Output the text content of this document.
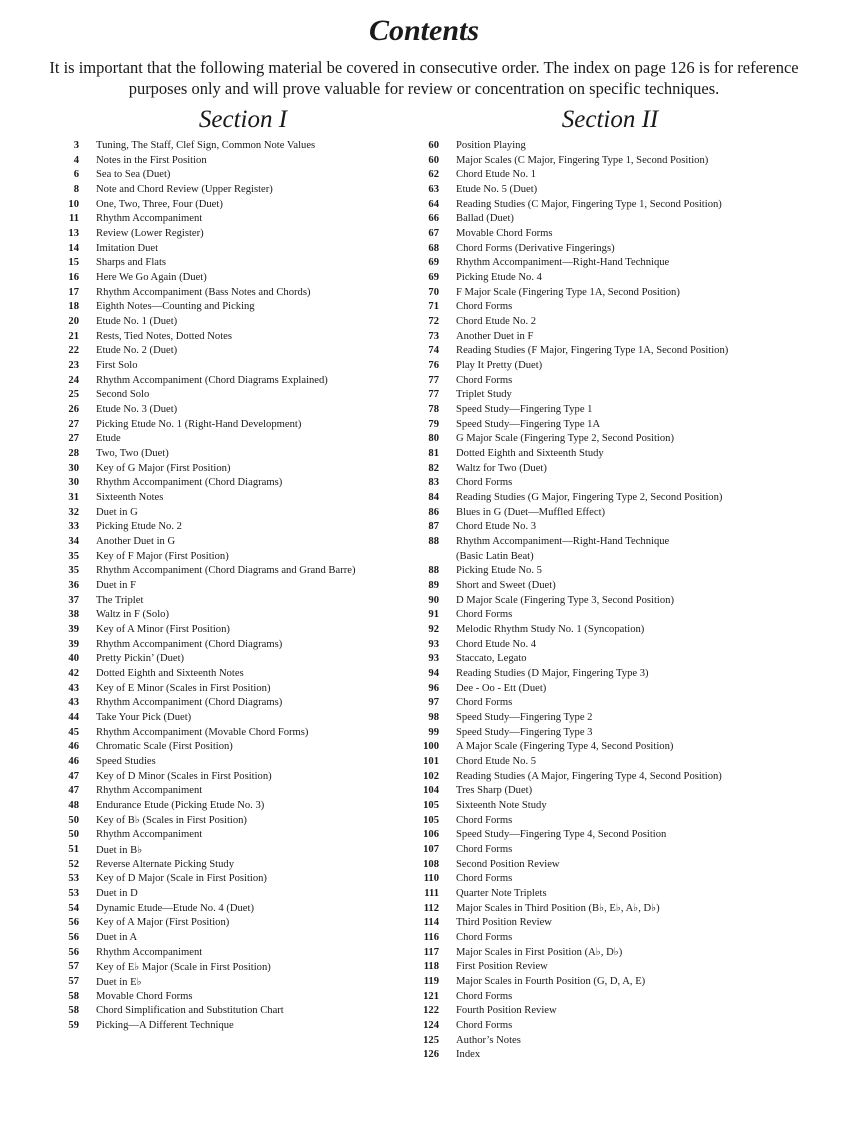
Contents
It is important that the following material be covered in consecutive order. The index on page 126 is for reference purposes only and will prove valuable for review or concentration on specific techniques.
Section I	Section II
3 Tuning, The Staff, Clef Sign, Common Note Values
4 Notes in the First Position
6 Sea to Sea (Duet)
8 Note and Chord Review (Upper Register)
10 One, Two, Three, Four (Duet)
11 Rhythm Accompaniment
13 Review (Lower Register)
14 Imitation Duet
15 Sharps and Flats
16 Here We Go Again (Duet)
17 Rhythm Accompaniment (Bass Notes and Chords)
18 Eighth Notes—Counting and Picking
20 Etude No. 1 (Duet)
21 Rests, Tied Notes, Dotted Notes
22 Etude No. 2 (Duet)
23 First Solo
24 Rhythm Accompaniment (Chord Diagrams Explained)
25 Second Solo
26 Etude No. 3 (Duet)
27 Picking Etude No. 1 (Right-Hand Development)
27 Etude
28 Two, Two (Duet)
30 Key of G Major (First Position)
30 Rhythm Accompaniment (Chord Diagrams)
31 Sixteenth Notes
32 Duet in G
33 Picking Etude No. 2
34 Another Duet in G
35 Key of F Major (First Position)
35 Rhythm Accompaniment (Chord Diagrams and Grand Barre)
36 Duet in F
37 The Triplet
38 Waltz in F (Solo)
39 Key of A Minor (First Position)
39 Rhythm Accompaniment (Chord Diagrams)
40 Pretty Pickin’ (Duet)
42 Dotted Eighth and Sixteenth Notes
43 Key of E Minor (Scales in First Position)
43 Rhythm Accompaniment (Chord Diagrams)
44 Take Your Pick (Duet)
45 Rhythm Accompaniment (Movable Chord Forms)
46 Chromatic Scale (First Position)
46 Speed Studies
47 Key of D Minor (Scales in First Position)
47 Rhythm Accompaniment
48 Endurance Etude (Picking Etude No. 3)
50 Key of B♭ (Scales in First Position)
50 Rhythm Accompaniment
51 Duet in B♭
52 Reverse Alternate Picking Study
53 Key of D Major (Scale in First Position)
53 Duet in D
54 Dynamic Etude—Etude No. 4 (Duet)
56 Key of A Major (First Position)
56 Duet in A
56 Rhythm Accompaniment
57 Key of E♭ Major (Scale in First Position)
57 Duet in E♭
58 Movable Chord Forms
58 Chord Simplification and Substitution Chart
59 Picking—A Different Technique
60 Position Playing
60 Major Scales (C Major, Fingering Type 1, Second Position)
62 Chord Etude No. 1
63 Etude No. 5 (Duet)
64 Reading Studies (C Major, Fingering Type 1, Second Position)
66 Ballad (Duet)
67 Movable Chord Forms
68 Chord Forms (Derivative Fingerings)
69 Rhythm Accompaniment—Right-Hand Technique
69 Picking Etude No. 4
70 F Major Scale (Fingering Type 1A, Second Position)
71 Chord Forms
72 Chord Etude No. 2
73 Another Duet in F
74 Reading Studies (F Major, Fingering Type 1A, Second Position)
76 Play It Pretty (Duet)
77 Chord Forms
77 Triplet Study
78 Speed Study—Fingering Type 1
79 Speed Study—Fingering Type 1A
80 G Major Scale (Fingering Type 2, Second Position)
81 Dotted Eighth and Sixteenth Study
82 Waltz for Two (Duet)
83 Chord Forms
84 Reading Studies (G Major, Fingering Type 2, Second Position)
86 Blues in G (Duet—Muffled Effect)
87 Chord Etude No. 3
88 Rhythm Accompaniment—Right-Hand Technique
(Basic Latin Beat)
88 Picking Etude No. 5
89 Short and Sweet (Duet)
90 D Major Scale (Fingering Type 3, Second Position)
91 Chord Forms
92 Melodic Rhythm Study No. 1 (Syncopation)
93 Chord Etude No. 4
93 Staccato, Legato
94 Reading Studies (D Major, Fingering Type 3)
96 Dee - Oo - Ett (Duet)
97 Chord Forms
98 Speed Study—Fingering Type 2
99 Speed Study—Fingering Type 3
100 A Major Scale (Fingering Type 4, Second Position)
101 Chord Etude No. 5
102 Reading Studies (A Major, Fingering Type 4, Second Position)
104 Tres Sharp (Duet)
105 Sixteenth Note Study
105 Chord Forms
106 Speed Study—Fingering Type 4, Second Position
107 Chord Forms
108 Second Position Review
110 Chord Forms
111 Quarter Note Triplets
112 Major Scales in Third Position (B♭, E♭, A♭, D♭)
114 Third Position Review
116 Chord Forms
117 Major Scales in First Position (A♭, D♭)
118 First Position Review
119 Major Scales in Fourth Position (G, D, A, E)
121 Chord Forms
122 Fourth Position Review
124 Chord Forms
125 Author’s Notes
126 Index
